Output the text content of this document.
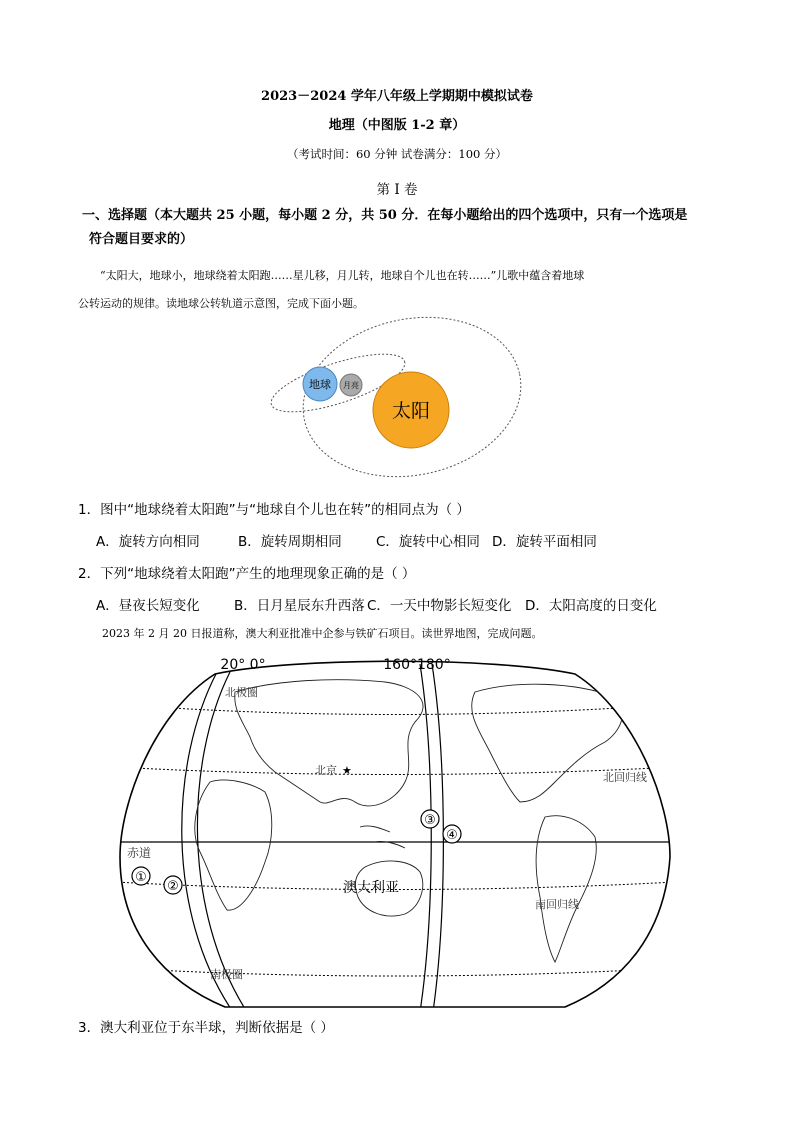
2023－2024 学年八年级上学期期中模拟试卷
地理（中图版 1-2 章）
（考试时间：60 分钟 试卷满分：100 分）
第 I 卷
一、选择题（本大题共 25 小题，每小题 2 分，共 50 分．在每小题给出的四个选项中，只有一个选项是
符合题目要求的）
“太阳大，地球小，地球绕着太阳跑……星儿移，月儿转，地球自个儿也在转……”儿歌中蕴含着地球
公转运动的规律。读地球公转轨道示意图，完成下面小题。
地球 月亮
太阳
1．图中“地球绕着太阳跑”与“地球自个儿也在转”的相同点为（ ）
A．旋转方向相同	B．旋转周期相同	C．旋转中心相同 D．旋转平面相同
2．下列“地球绕着太阳跑”产生的地理现象正确的是（ ）
A．昼夜长短变化	B．日月星辰东升西落 C．一天中物影长短变化 D．太阳高度的日变化
2023 年 2 月 20 日报道称，澳大利亚批准中企参与铁矿石项目。读世界地图，完成问题。
20° 0°	160°180°
北极圈
北回归线
赤道
南回归线
南极圈
北京 ★
澳大利亚
①
②
③
④
3．澳大利亚位于东半球，判断依据是（ ）
